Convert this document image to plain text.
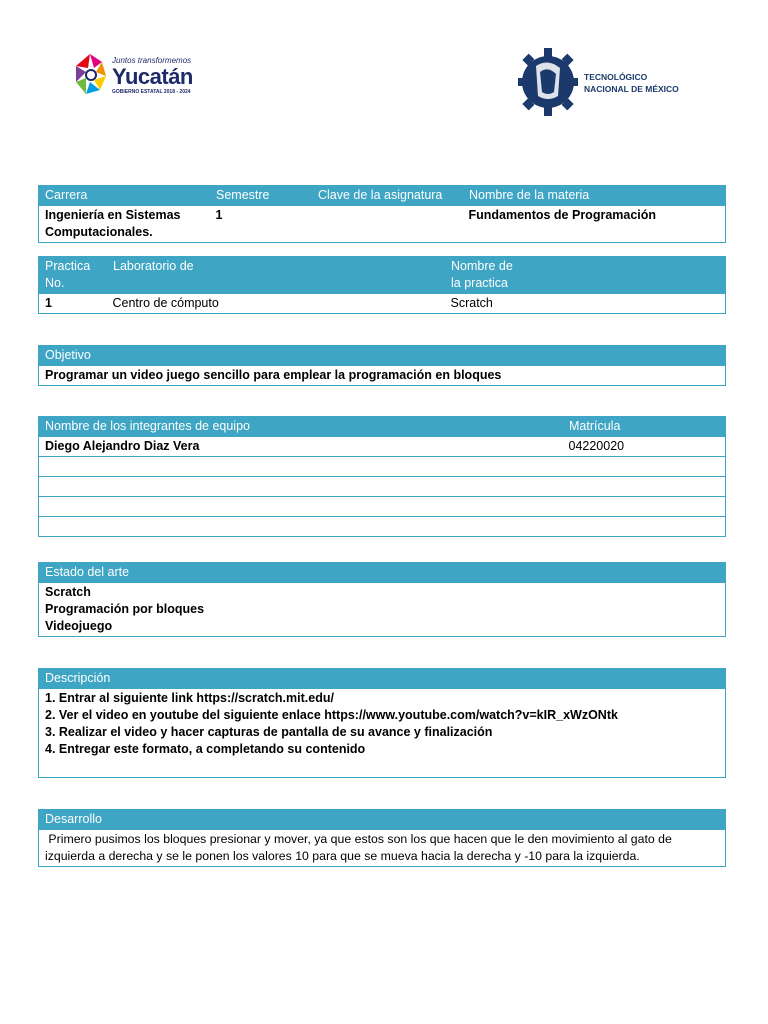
Juntos transformemos
Yucatán
GOBIERNO ESTATAL 2018 - 2024
TECNOLÓGICO
NACIONAL DE MÉXICO
Carrera	Semestre	Clave de la asignatura	Nombre de la materia
Ingeniería en Sistemas Computacionales.	1		Fundamentos de Programación
Practica No.	Laboratorio de	Nombre de la practica
1	Centro de cómputo	Scratch
Objetivo
Programar un video juego sencillo para emplear la programación en bloques
Nombre de los integrantes de equipo	Matrícula
Diego Alejandro Diaz Vera	04220020

Estado del arte

Scratch
Programación por bloques
Videojuego
Descripción

1. Entrar al siguiente link https://scratch.mit.edu/
2. Ver el video en youtube del siguiente enlace https://www.youtube.com/watch?v=kIR_xWzONtk
3. Realizar el video y hacer capturas de pantalla de su avance y finalización
4. Entregar este formato, a completando su contenido
Desarrollo
Primero pusimos los bloques presionar y mover, ya que estos son los que hacen que le den movimiento al gato de izquierda a derecha y se le ponen los valores 10 para que se mueva hacia la derecha y -10 para la izquierda.
